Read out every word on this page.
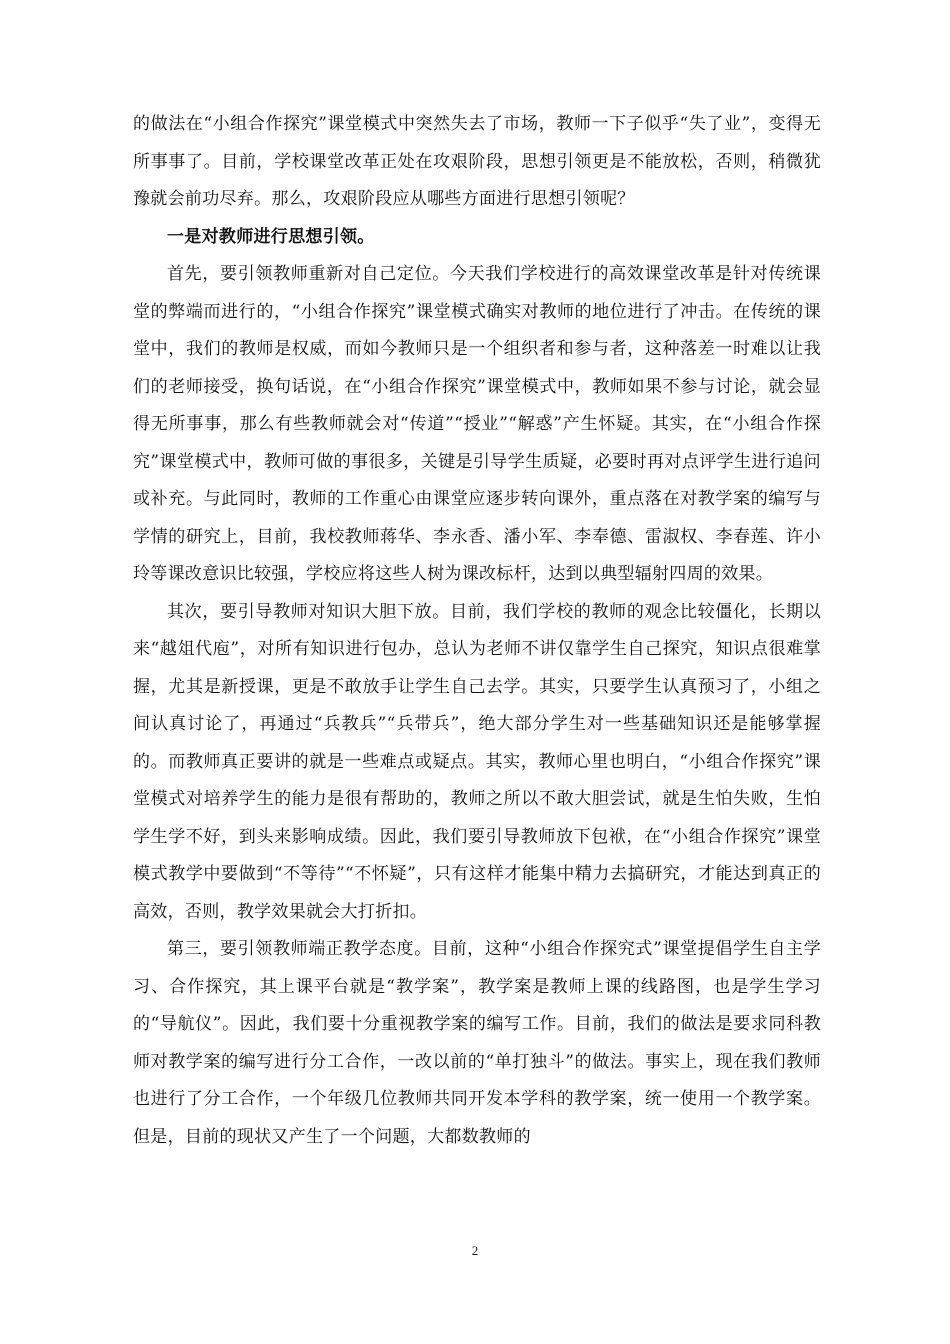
的做法在“小组合作探究”课堂模式中突然失去了市场，教师一下子似乎“失了业”，变得无所事事了。目前，学校课堂改革正处在攻艰阶段，思想引领更是不能放松，否则，稍微犹豫就会前功尽弃。那么，攻艰阶段应从哪些方面进行思想引领呢？

一是对教师进行思想引领。

首先，要引领教师重新对自己定位。今天我们学校进行的高效课堂改革是针对传统课堂的弊端而进行的，“小组合作探究”课堂模式确实对教师的地位进行了冲击。在传统的课堂中，我们的教师是权威，而如今教师只是一个组织者和参与者，这种落差一时难以让我们的老师接受，换句话说，在“小组合作探究”课堂模式中，教师如果不参与讨论，就会显得无所事事，那么有些教师就会对“传道”“授业”“解惑”产生怀疑。其实，在“小组合作探究”课堂模式中，教师可做的事很多，关键是引导学生质疑，必要时再对点评学生进行追问或补充。与此同时，教师的工作重心由课堂应逐步转向课外，重点落在对教学案的编写与学情的研究上，目前，我校教师蒋华、李永香、潘小军、李奉德、雷淑权、李春莲、许小玲等课改意识比较强，学校应将这些人树为课改标杆，达到以典型辐射四周的效果。

其次，要引导教师对知识大胆下放。目前，我们学校的教师的观念比较僵化，长期以来“越俎代庖”，对所有知识进行包办，总认为老师不讲仅靠学生自己探究，知识点很难掌握，尤其是新授课，更是不敢放手让学生自己去学。其实，只要学生认真预习了，小组之间认真讨论了，再通过“兵教兵”“兵带兵”，绝大部分学生对一些基础知识还是能够掌握的。而教师真正要讲的就是一些难点或疑点。其实，教师心里也明白，“小组合作探究”课堂模式对培养学生的能力是很有帮助的，教师之所以不敢大胆尝试，就是生怕失败，生怕学生学不好，到头来影响成绩。因此，我们要引导教师放下包袱，在“小组合作探究”课堂模式教学中要做到“不等待”“不怀疑”，只有这样才能集中精力去搞研究，才能达到真正的高效，否则，教学效果就会大打折扣。

第三，要引领教师端正教学态度。目前，这种“小组合作探究式”课堂提倡学生自主学习、合作探究，其上课平台就是“教学案”，教学案是教师上课的线路图，也是学生学习的“导航仪”。因此，我们要十分重视教学案的编写工作。目前，我们的做法是要求同科教师对教学案的编写进行分工合作，一改以前的“单打独斗”的做法。事实上，现在我们教师也进行了分工合作，一个年级几位教师共同开发本学科的教学案，统一使用一个教学案。但是，目前的现状又产生了一个问题，大都数教师的

2
